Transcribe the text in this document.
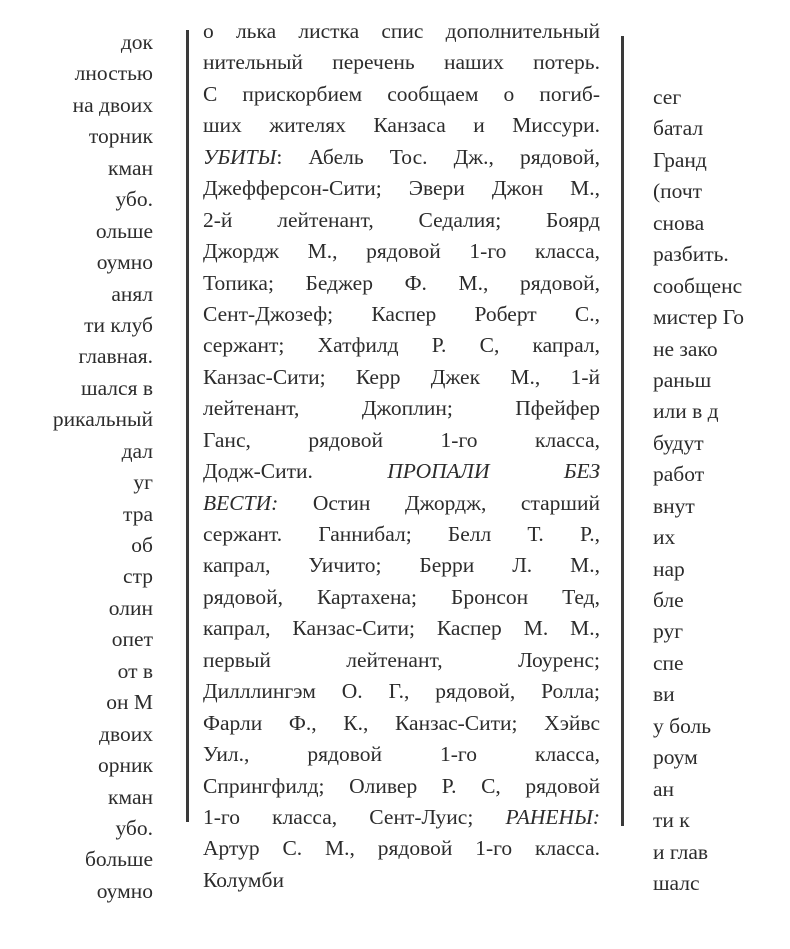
док
лностью
на двоих
торник
кман
убо.
ольше
оумно
анял
ти клуб
главная.
шался в
рикальный
дал
уг
тра
об
стр
олин
опет
от в
он М
двоих
орник
кман
убо.
больше
оумно
о лька листка спис дополнительный
нительный перечень наших потерь.
С прискорбием сообщаем о погиб-
ших жителях Канзаса и Миссури.
УБИТЫ: Абель Тос. Дж., рядовой,
Джефферсон-Сити; Эвери Джон М.,
2-й лейтенант, Седалия; Боярд
Джордж М., рядовой 1-го класса,
Топика; Беджер Ф. М., рядовой,
Сент-Джозеф; Каспер Роберт С.,
сержант; Хатфилд Р. С, капрал,
Канзас-Сити; Керр Джек М., 1-й
лейтенант, Джоплин; Пфейфер
Ганс, рядовой 1-го класса,
Додж-Сити. ПРОПАЛИ БЕЗ
ВЕСТИ: Остин Джордж, старший
сержант. Ганнибал; Белл Т. Р.,
капрал, Уичито; Берри Л. М.,
рядовой, Картахена; Бронсон Тед,
капрал, Канзас-Сити; Каспер М. М.,
первый лейтенант, Лоуренс;
Дилллингэм О. Г., рядовой, Ролла;
Фарли Ф., К., Канзас-Сити; Хэйвс
Уил., рядовой 1-го класса,
Спрингфилд; Оливер Р. С, рядовой
1-го класса, Сент-Луис; РАНЕНЫ:
Артур С. М., рядовой 1-го класса.
Колумби
сег
батал
Гранд
(почт
снова
разбить.
сообщенс
мистер Го
не зако
раньш
или в д
будут
работ
внут
их
нар
бле
руг
спе
ви
у боль
роум
ан
ти к
и глав
шалс
